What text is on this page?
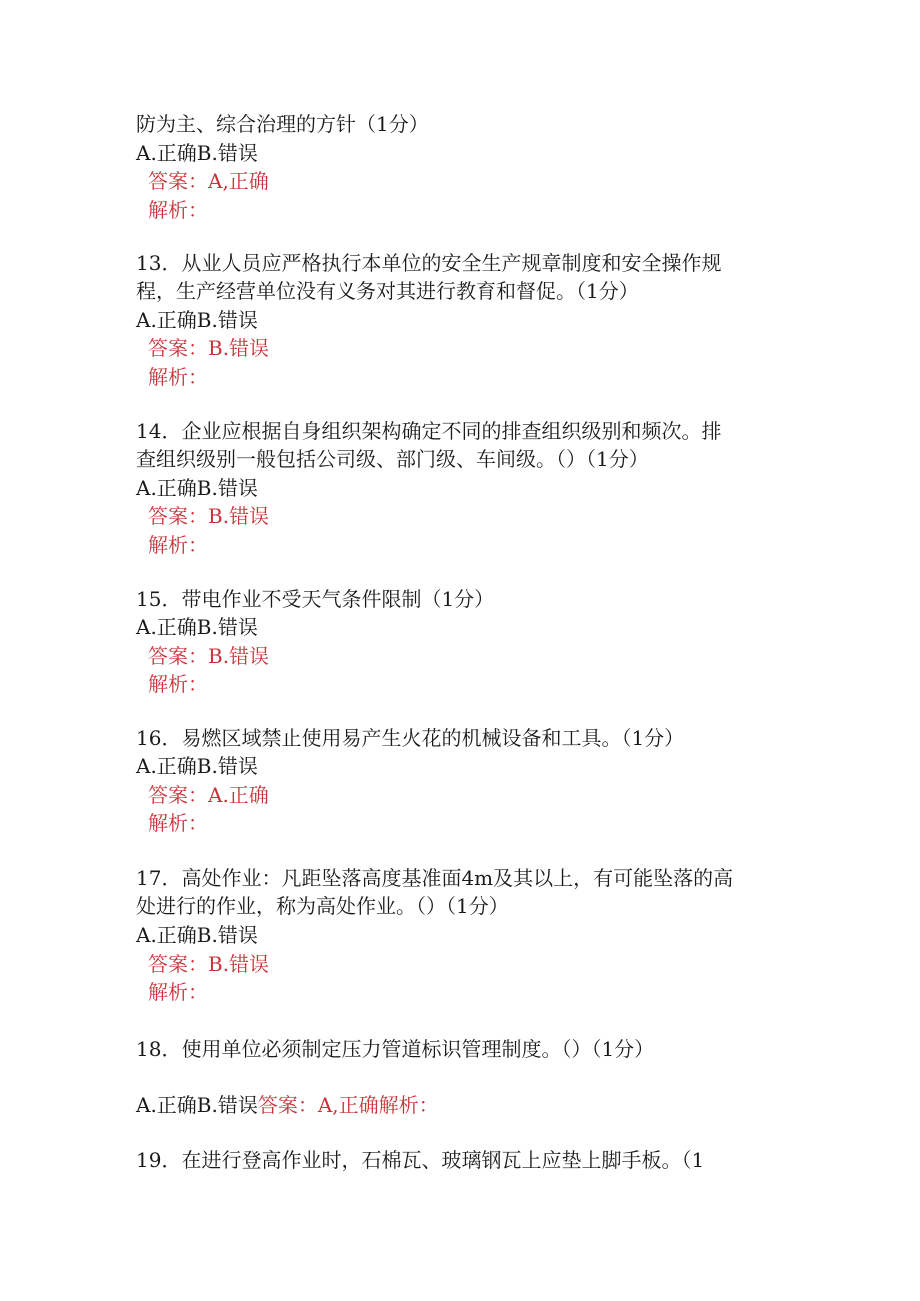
防为主、综合治理的方针（1分）
A.正确B.错误
答案：A,正确
解析：
13．从业人员应严格执行本单位的安全生产规章制度和安全操作规
程，生产经营单位没有义务对其进行教育和督促。（1分）
A.正确B.错误
答案：B.错误
解析：
14．企业应根据自身组织架构确定不同的排查组织级别和频次。排
查组织级别一般包括公司级、部门级、车间级。（）（1分）
A.正确B.错误
答案：B.错误
解析：
15．带电作业不受天气条件限制（1分）
A.正确B.错误
答案：B.错误
解析：
16．易燃区域禁止使用易产生火花的机械设备和工具。（1分）
A.正确B.错误
答案：A.正确
解析：
17．高处作业：凡距坠落高度基准面4m及其以上，有可能坠落的高
处进行的作业，称为高处作业。（）（1分）
A.正确B.错误
答案：B.错误
解析：
18．使用单位必须制定压力管道标识管理制度。（）（1分）
A.正确B.错误答案：A,正确解析：
19．在进行登高作业时，石棉瓦、玻璃钢瓦上应垫上脚手板。（1
